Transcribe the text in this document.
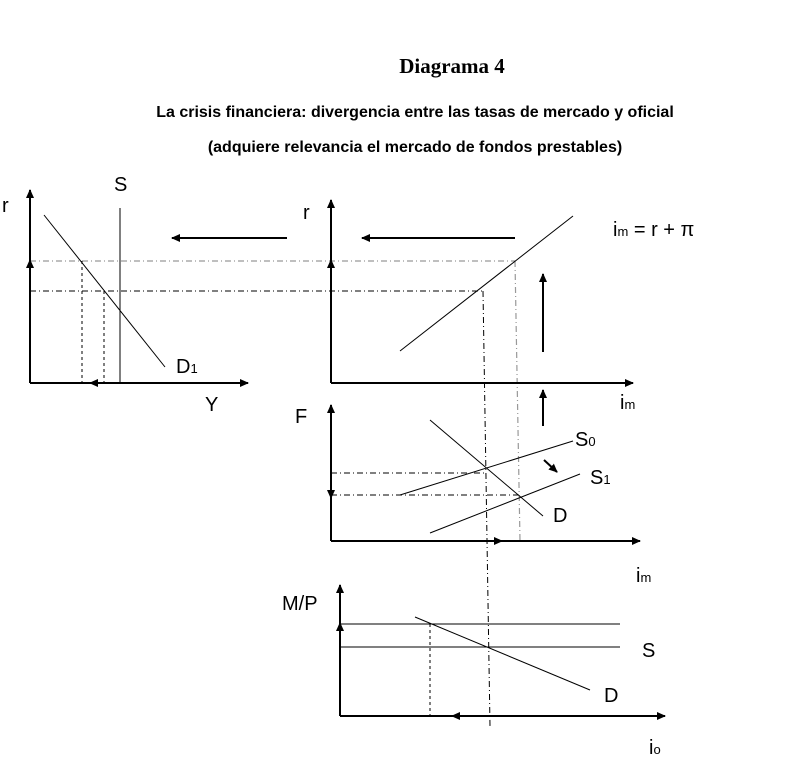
Diagrama 4
La crisis financiera: divergencia entre las tasas de mercado y oficial
(adquiere relevancia el mercado de fondos prestables)
r
S
D1
Y
r
im = r + π
im
F
S0
S1
D
im
M/P
S
D
io
